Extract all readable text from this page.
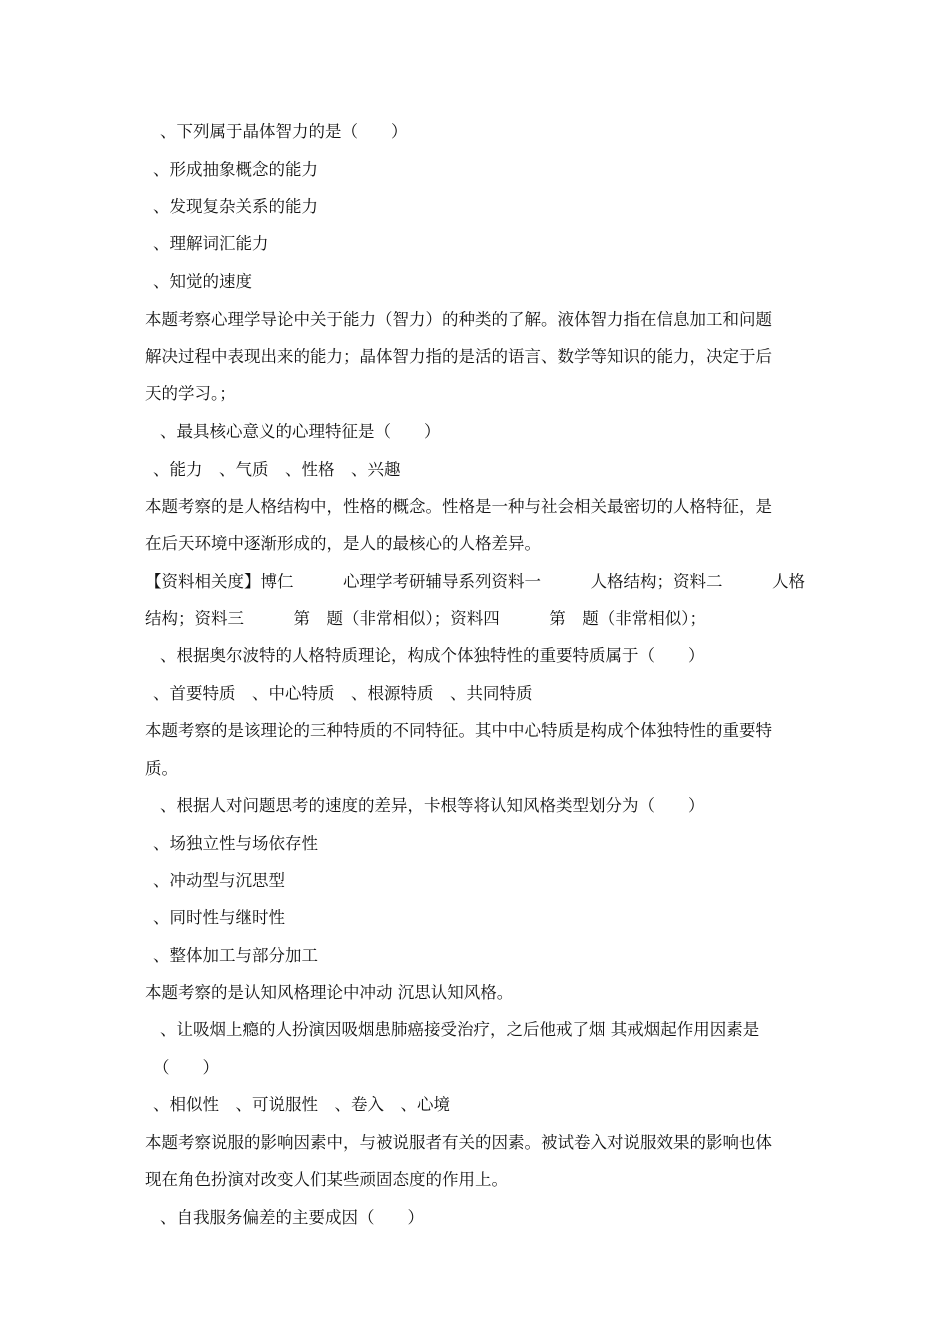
、下列属于晶体智力的是（　　）
、形成抽象概念的能力
、发现复杂关系的能力
、理解词汇能力
、知觉的速度
本题考察心理学导论中关于能力（智力）的种类的了解。液体智力指在信息加工和问题
解决过程中表现出来的能力；晶体智力指的是活的语言、数学等知识的能力，决定于后
天的学习。；
、最具核心意义的心理特征是（　　）
、能力　、气质　、性格　、兴趣
本题考察的是人格结构中，性格的概念。性格是一种与社会相关最密切的人格特征，是
在后天环境中逐渐形成的，是人的最核心的人格差异。
【资料相关度】博仁　　　心理学考研辅导系列资料一　　　人格结构；资料二　　　人格
结构；资料三　　　第　题（非常相似）；资料四　　　第　题（非常相似）；
、根据奥尔波特的人格特质理论，构成个体独特性的重要特质属于（　　）
、首要特质　、中心特质　、根源特质　、共同特质
本题考察的是该理论的三种特质的不同特征。其中中心特质是构成个体独特性的重要特
质。
、根据人对问题思考的速度的差异，卡根等将认知风格类型划分为（　　）
、场独立性与场依存性
、冲动型与沉思型
、同时性与继时性
、整体加工与部分加工
本题考察的是认知风格理论中冲动 沉思认知风格。
、让吸烟上瘾的人扮演因吸烟患肺癌接受治疗，之后他戒了烟 其戒烟起作用因素是
（　　）
、相似性　、可说服性　、卷入　、心境
本题考察说服的影响因素中，与被说服者有关的因素。被试卷入对说服效果的影响也体
现在角色扮演对改变人们某些顽固态度的作用上。
、自我服务偏差的主要成因（　　）
